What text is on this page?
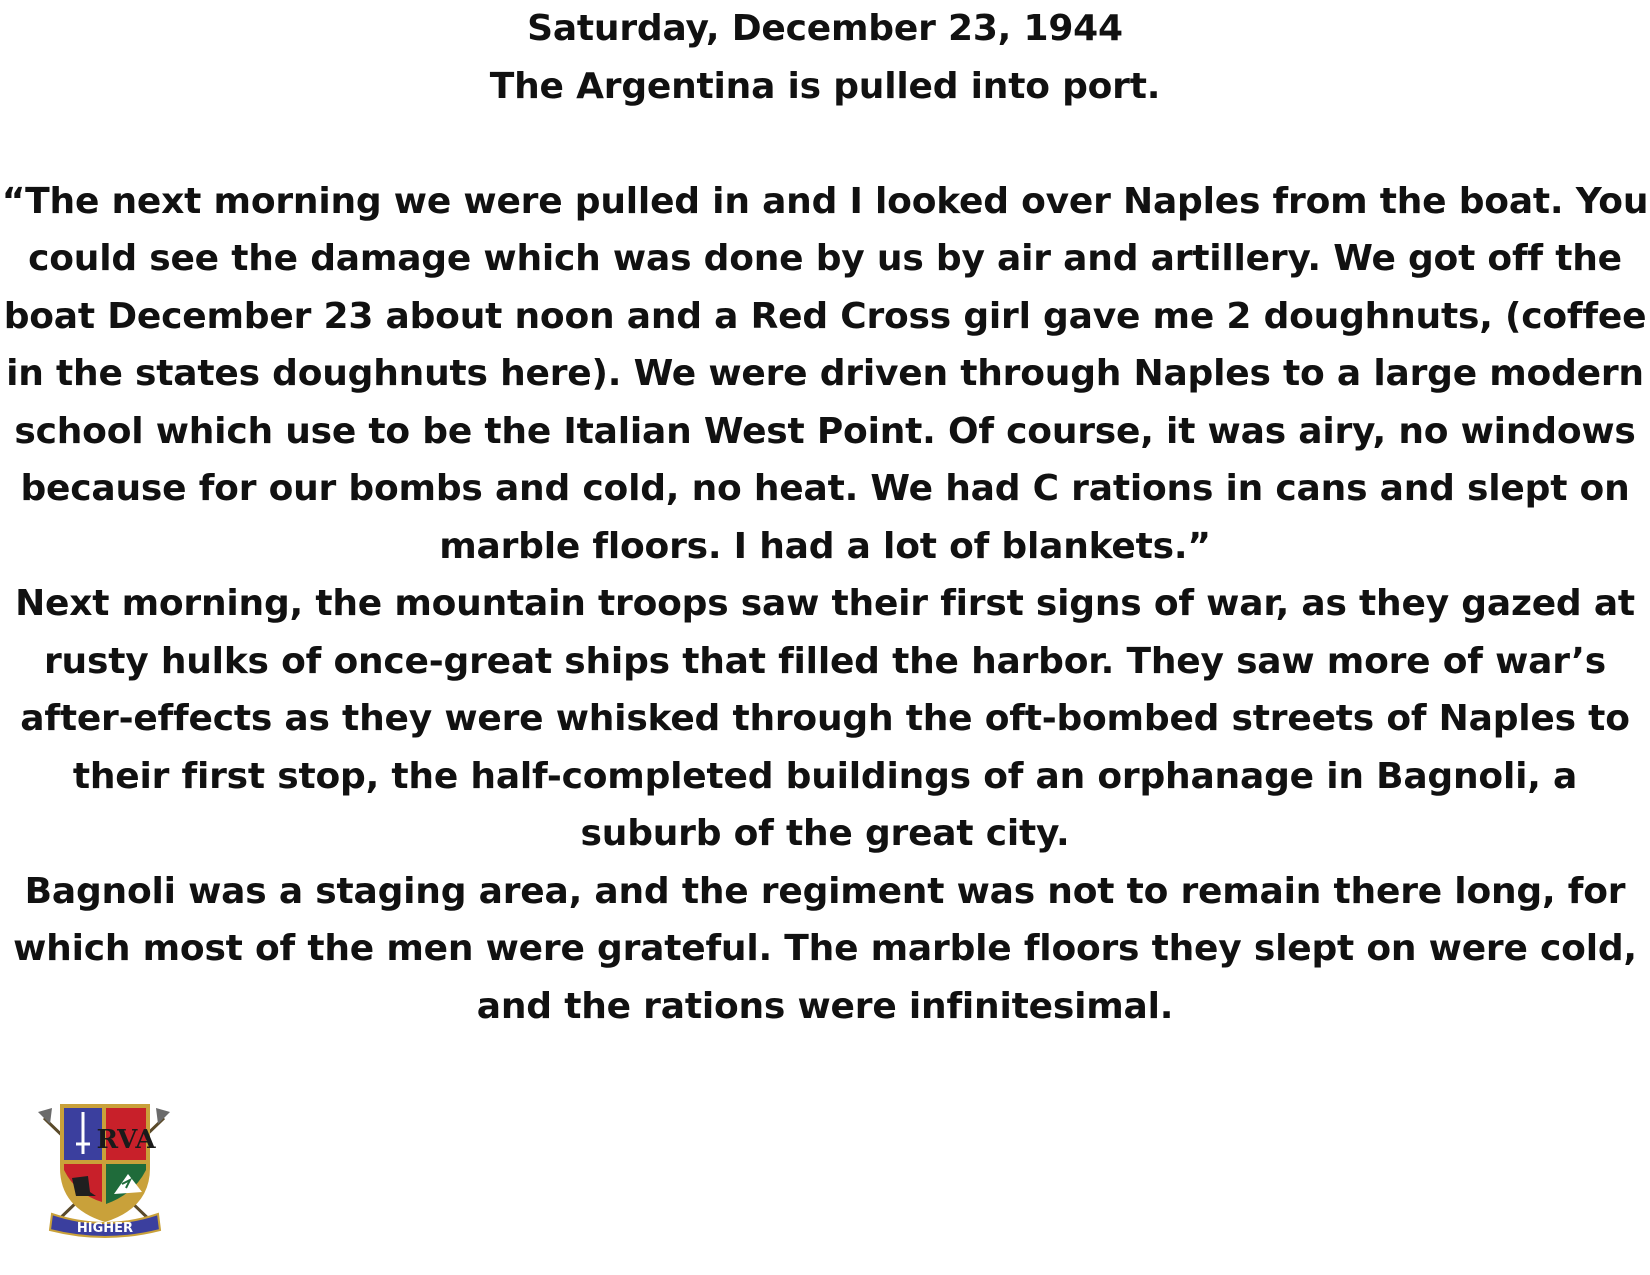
Saturday, December 23, 1944

The Argentina is pulled into port.

“The next morning we were pulled in and I looked over Naples from the boat. You could see the damage which was done by us by air and artillery. We got off the boat December 23 about noon and a Red Cross girl gave me 2 doughnuts, (coffee in the states doughnuts here). We were driven through Naples to a large modern school which use to be the Italian West Point. Of course, it was airy, no windows because for our bombs and cold, no heat. We had C rations in cans and slept on marble floors. I had a lot of blankets.”

Next morning, the mountain troops saw their first signs of war, as they gazed at rusty hulks of once-great ships that filled the harbor. They saw more of war’s after-effects as they were whisked through the oft-bombed streets of Naples to their first stop, the half-completed buildings of an orphanage in Bagnoli, a suburb of the great city.

Bagnoli was a staging area, and the regiment was not to remain there long, for which most of the men were grateful. The marble floors they slept on were cold, and the rations were infinitesimal.

RVA
HIGHER
